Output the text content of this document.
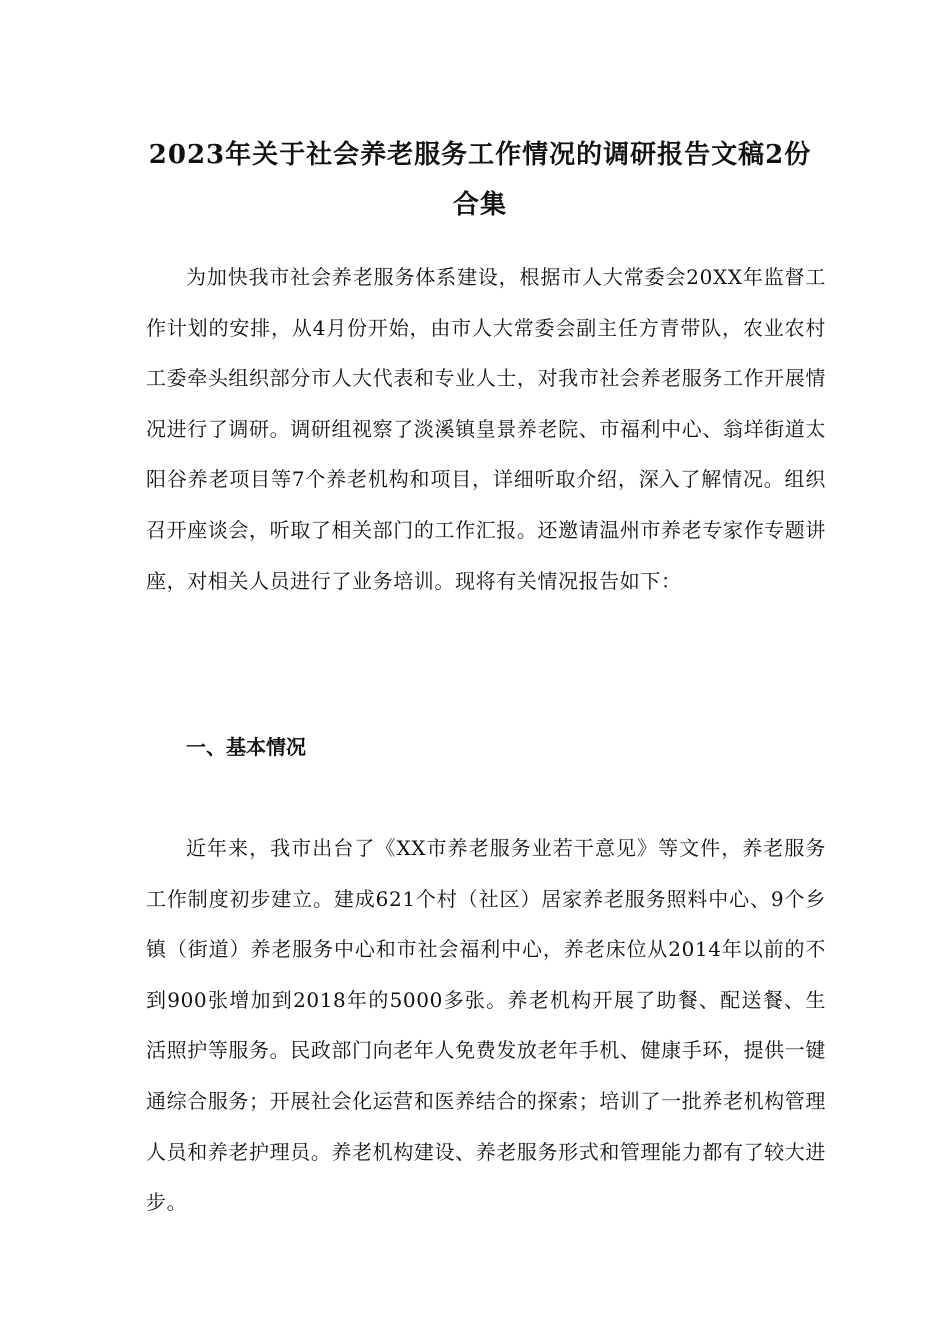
2023年关于社会养老服务工作情况的调研报告文稿2份合集

为加快我市社会养老服务体系建设，根据市人大常委会20XX年监督工作计划的安排，从4月份开始，由市人大常委会副主任方青带队，农业农村工委牵头组织部分市人大代表和专业人士，对我市社会养老服务工作开展情况进行了调研。调研组视察了淡溪镇皇景养老院、市福利中心、翁垟街道太阳谷养老项目等7个养老机构和项目，详细听取介绍，深入了解情况。组织召开座谈会，听取了相关部门的工作汇报。还邀请温州市养老专家作专题讲座，对相关人员进行了业务培训。现将有关情况报告如下：

一、基本情况

近年来，我市出台了《XX市养老服务业若干意见》等文件，养老服务工作制度初步建立。建成621个村（社区）居家养老服务照料中心、9个乡镇（街道）养老服务中心和市社会福利中心，养老床位从2014年以前的不到900张增加到2018年的5000多张。养老机构开展了助餐、配送餐、生活照护等服务。民政部门向老年人免费发放老年手机、健康手环，提供一键通综合服务；开展社会化运营和医养结合的探索；培训了一批养老机构管理人员和养老护理员。养老机构建设、养老服务形式和管理能力都有了较大进步。
